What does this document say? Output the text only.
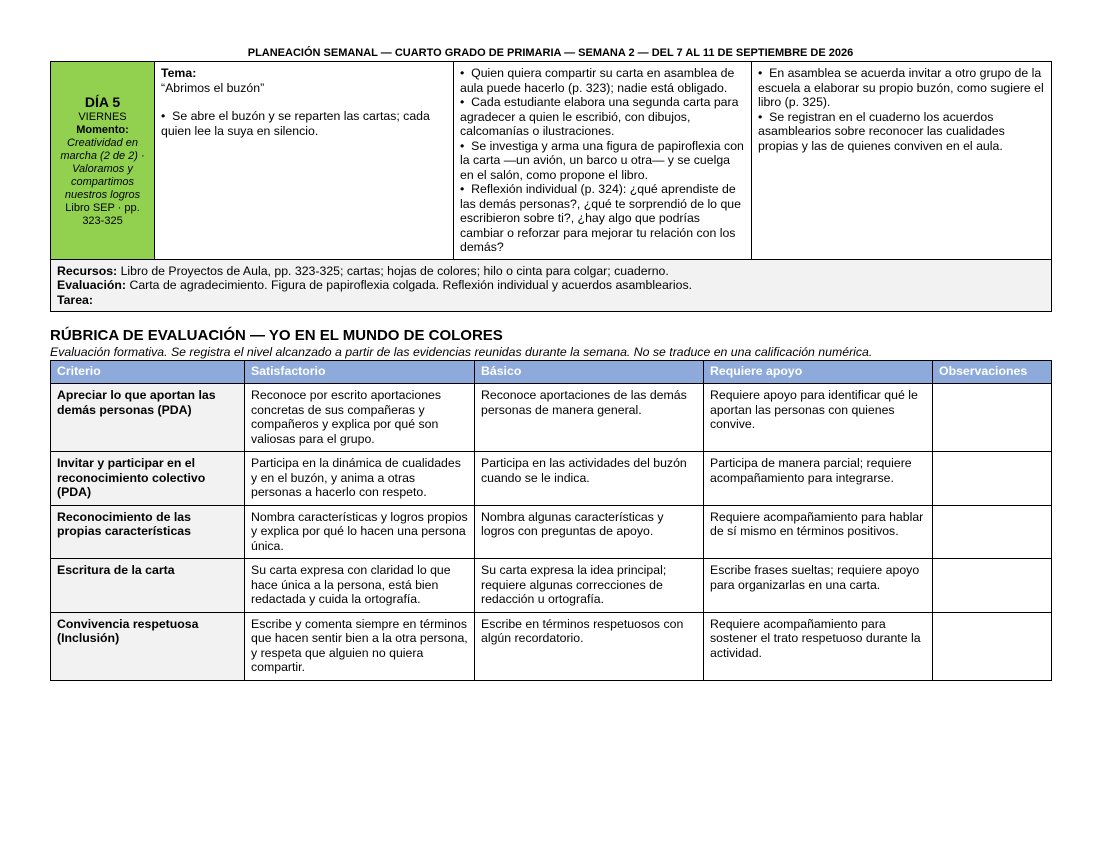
PLANEACIÓN SEMANAL — CUARTO GRADO DE PRIMARIA — SEMANA 2 — DEL 7 AL 11 DE SEPTIEMBRE DE 2026
DÍA 5
VIERNES
Momento:
Creatividad en marcha (2 de 2) · Valoramos y compartimos nuestros logros
Libro SEP · pp. 323-325

Tema:
“Abrimos el buzón”
•  Se abre el buzón y se reparten las cartas; cada quien lee la suya en silencio.

•  Quien quiera compartir su carta en asamblea de aula puede hacerlo (p. 323); nadie está obligado.
•  Cada estudiante elabora una segunda carta para agradecer a quien le escribió, con dibujos, calcomanías o ilustraciones.
•  Se investiga y arma una figura de papiroflexia con la carta —un avión, un barco u otra— y se cuelga en el salón, como propone el libro.
•  Reflexión individual (p. 324): ¿qué aprendiste de las demás personas?, ¿qué te sorprendió de lo que escribieron sobre ti?, ¿hay algo que podrías cambiar o reforzar para mejorar tu relación con los demás?

•  En asamblea se acuerda invitar a otro grupo de la escuela a elaborar su propio buzón, como sugiere el libro (p. 325).
•  Se registran en el cuaderno los acuerdos asamblearios sobre reconocer las cualidades propias y las de quienes conviven en el aula.

Recursos: Libro de Proyectos de Aula, pp. 323-325; cartas; hojas de colores; hilo o cinta para colgar; cuaderno.
Evaluación: Carta de agradecimiento. Figura de papiroflexia colgada. Reflexión individual y acuerdos asamblearios.
Tarea:
RÚBRICA DE EVALUACIÓN — YO EN EL MUNDO DE COLORES
Evaluación formativa. Se registra el nivel alcanzado a partir de las evidencias reunidas durante la semana. No se traduce en una calificación numérica.
Criterio	Satisfactorio	Básico	Requiere apoyo	Observaciones
Apreciar lo que aportan las demás personas (PDA)	Reconoce por escrito aportaciones concretas de sus compañeras y compañeros y explica por qué son valiosas para el grupo.	Reconoce aportaciones de las demás personas de manera general.	Requiere apoyo para identificar qué le aportan las personas con quienes convive.	
Invitar y participar en el reconocimiento colectivo (PDA)	Participa en la dinámica de cualidades y en el buzón, y anima a otras personas a hacerlo con respeto.	Participa en las actividades del buzón cuando se le indica.	Participa de manera parcial; requiere acompañamiento para integrarse.	
Reconocimiento de las propias características	Nombra características y logros propios y explica por qué lo hacen una persona única.	Nombra algunas características y logros con preguntas de apoyo.	Requiere acompañamiento para hablar de sí mismo en términos positivos.	
Escritura de la carta	Su carta expresa con claridad lo que hace única a la persona, está bien redactada y cuida la ortografía.	Su carta expresa la idea principal; requiere algunas correcciones de redacción u ortografía.	Escribe frases sueltas; requiere apoyo para organizarlas en una carta.	
Convivencia respetuosa (Inclusión)	Escribe y comenta siempre en términos que hacen sentir bien a la otra persona, y respeta que alguien no quiera compartir.	Escribe en términos respetuosos con algún recordatorio.	Requiere acompañamiento para sostener el trato respetuoso durante la actividad.	
